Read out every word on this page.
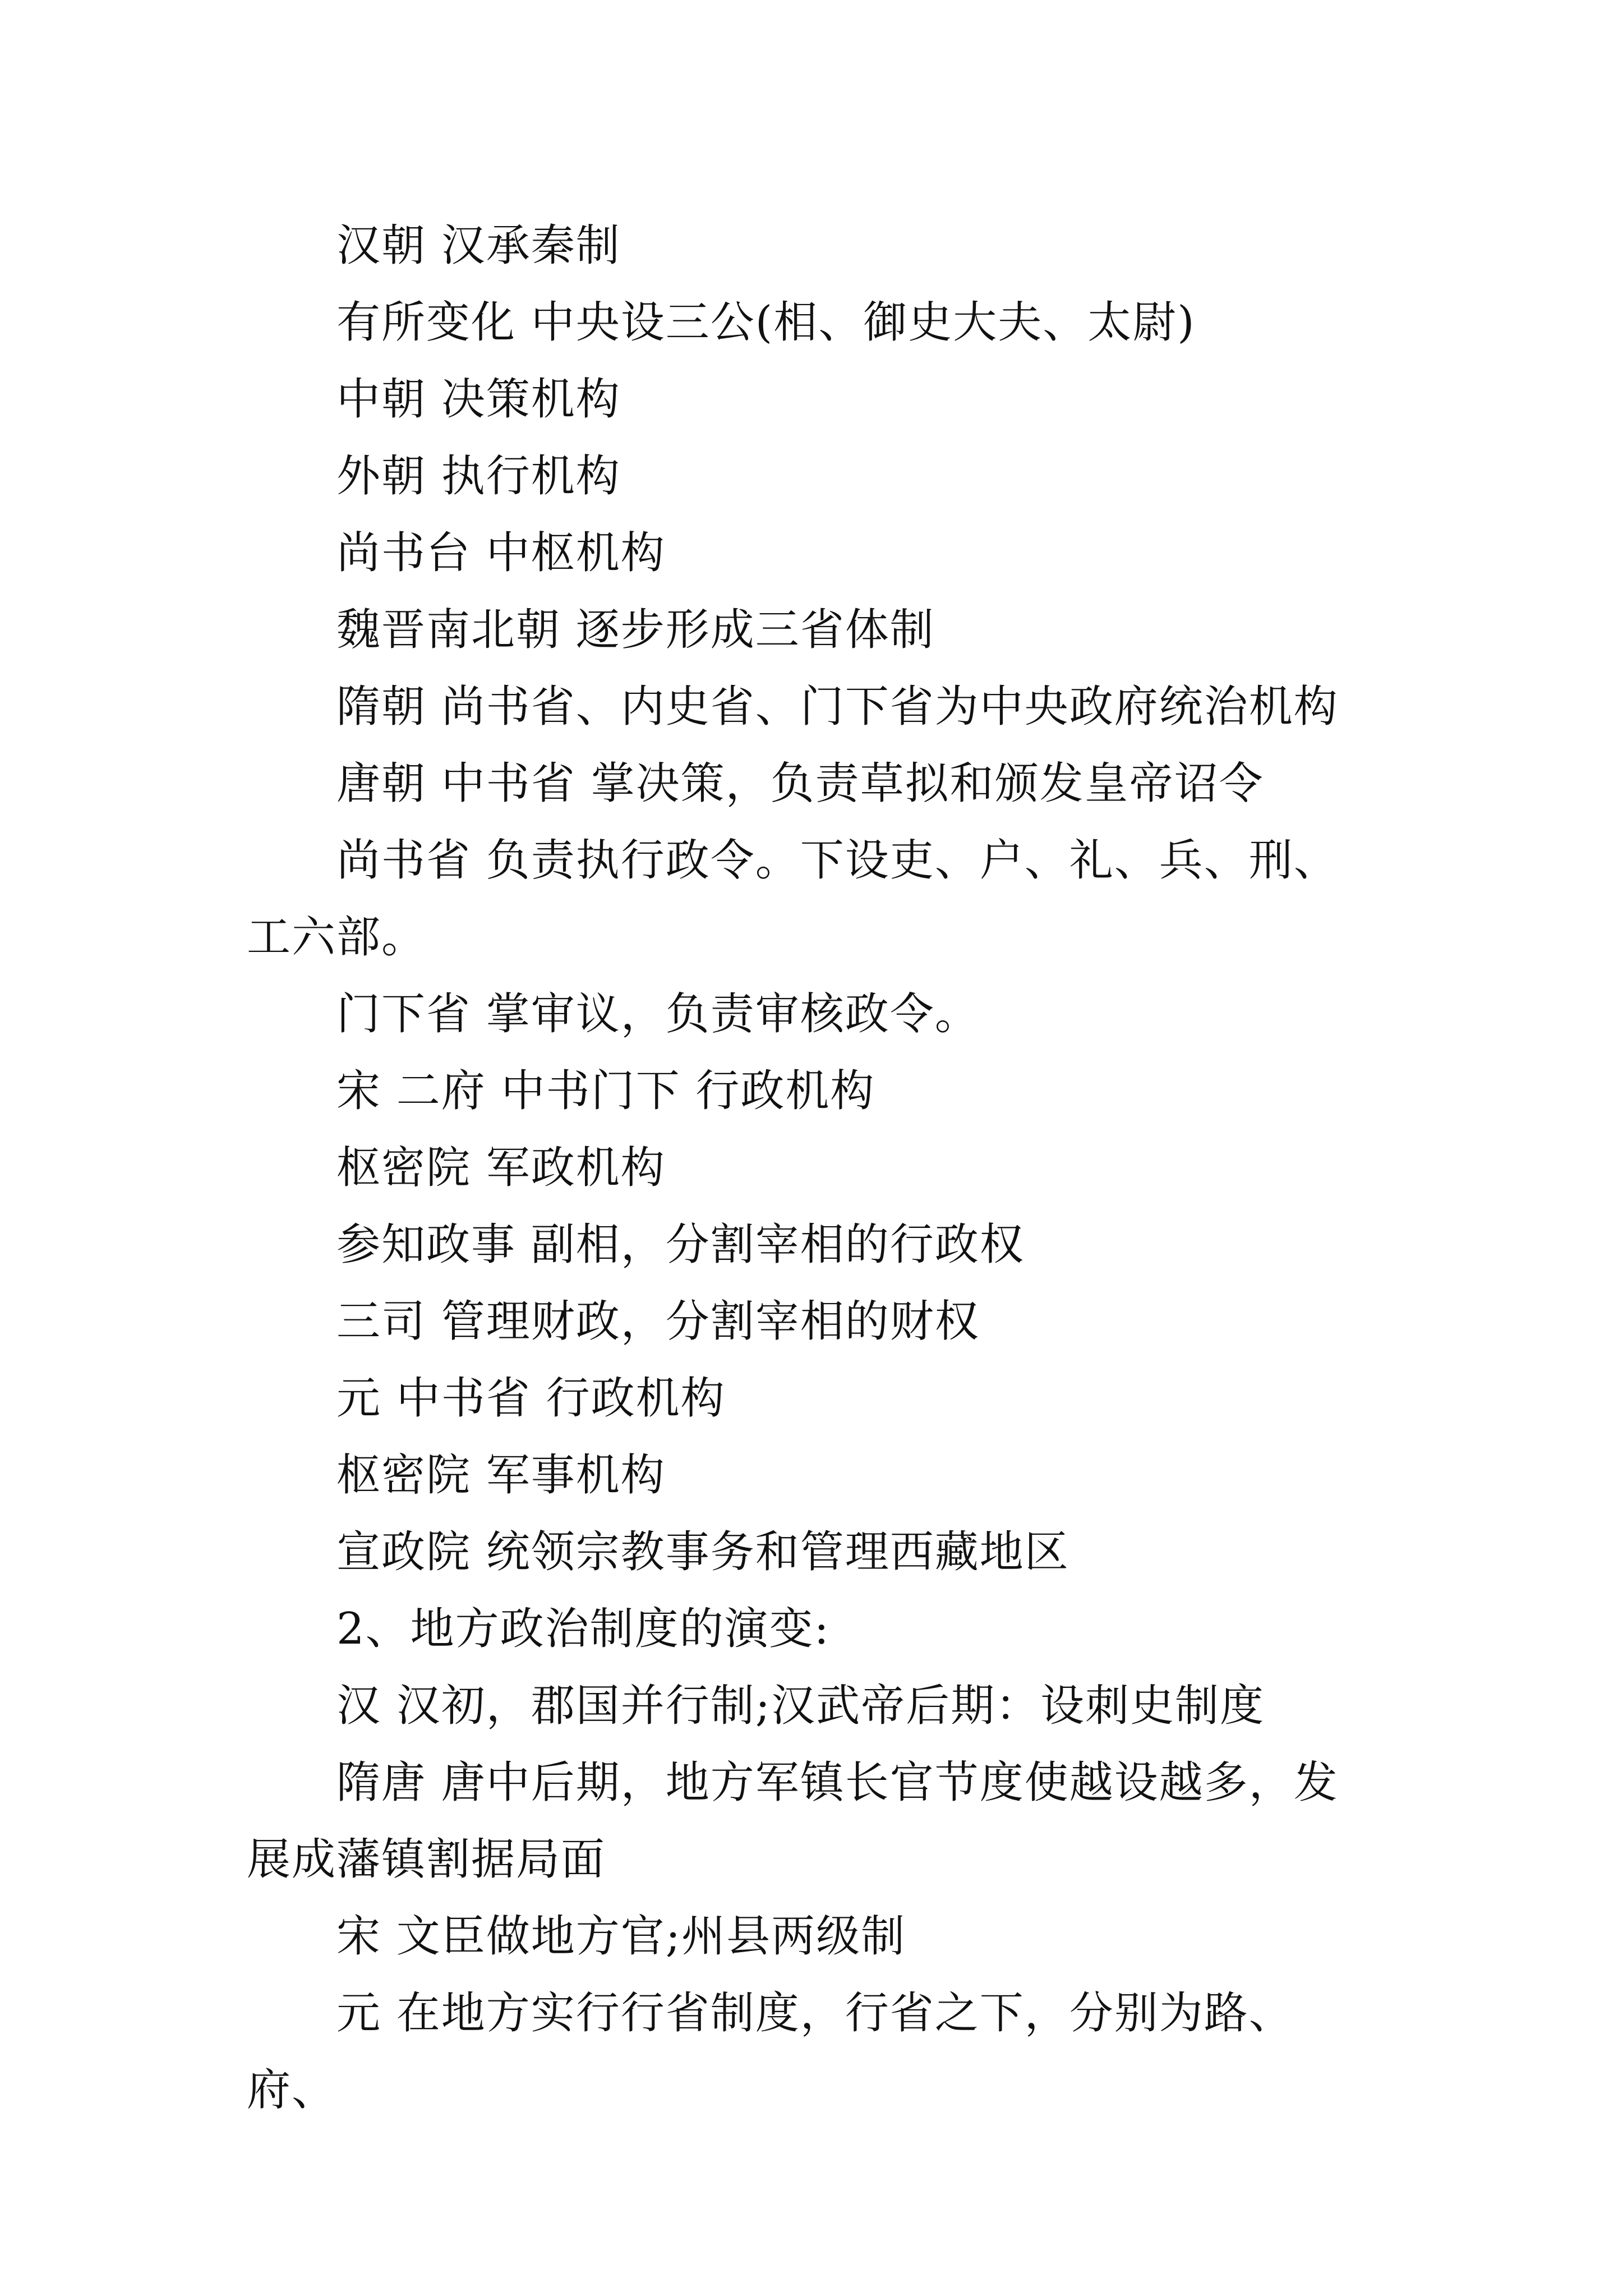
汉朝 汉承秦制

有所变化 中央设三公(相、御史大夫、太尉)

中朝 决策机构

外朝 执行机构

尚书台 中枢机构

魏晋南北朝 逐步形成三省体制

隋朝 尚书省、内史省、门下省为中央政府统治机构

唐朝 中书省 掌决策，负责草拟和颁发皇帝诏令

尚书省 负责执行政令。下设吏、户、礼、兵、刑、工六部。

门下省 掌审议，负责审核政令。

宋 二府 中书门下 行政机构

枢密院 军政机构

参知政事 副相，分割宰相的行政权

三司 管理财政，分割宰相的财权

元 中书省 行政机构

枢密院 军事机构

宣政院 统领宗教事务和管理西藏地区

2、地方政治制度的演变:

汉 汉初，郡国并行制;汉武帝后期：设刺史制度

隋唐 唐中后期，地方军镇长官节度使越设越多，发展成藩镇割据局面

宋 文臣做地方官;州县两级制

元 在地方实行行省制度，行省之下，分别为路、府、
